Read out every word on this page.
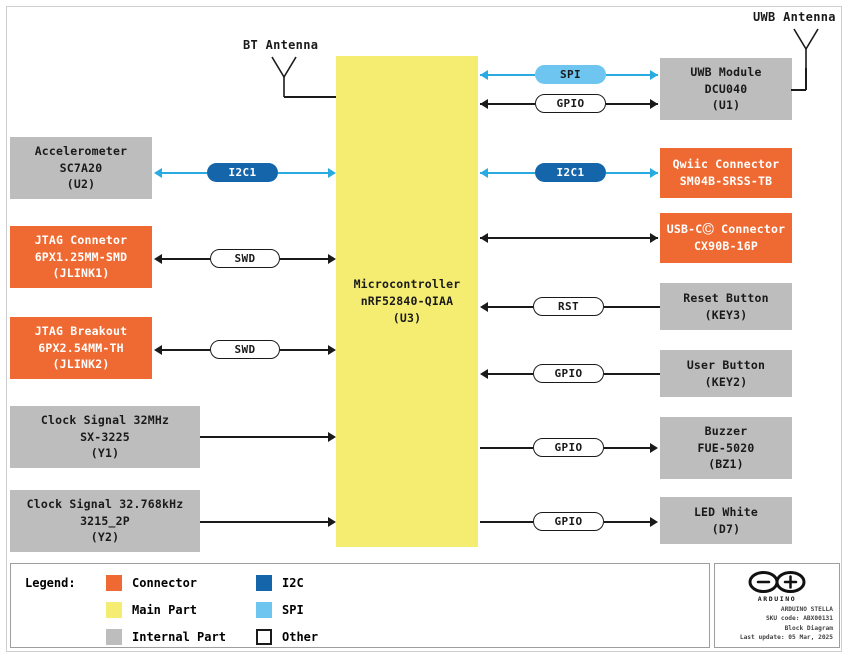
BT Antenna
UWB Antenna
Microcontroller
nRF52840-QIAA
(U3)
Accelerometer
SC7A20
(U2)
JTAG Connetor
6PX1.25MM-SMD
(JLINK1)
JTAG Breakout
6PX2.54MM-TH
(JLINK2)
Clock Signal 32MHz
SX-3225
(Y1)
Clock Signal 32.768kHz
3215_2P
(Y2)
UWB Module
DCU040
(U1)
Qwiic Connector
SM04B-SRSS-TB
USB-CⒸ Connector
CX90B-16P
Reset Button
(KEY3)
User Button
(KEY2)
Buzzer
FUE-5020
(BZ1)
LED White
(D7)
SPI
GPIO
I2C1
RST
GPIO
GPIO
GPIO
I2C1
SWD
SWD
Legend:	Connector
Main Part
Internal Part
I2C
SPI
Other
ARDUINO
ARDUINO STELLA
SKU code: ABX00131
Block Diagram
Last update: 05 Mar, 2025
